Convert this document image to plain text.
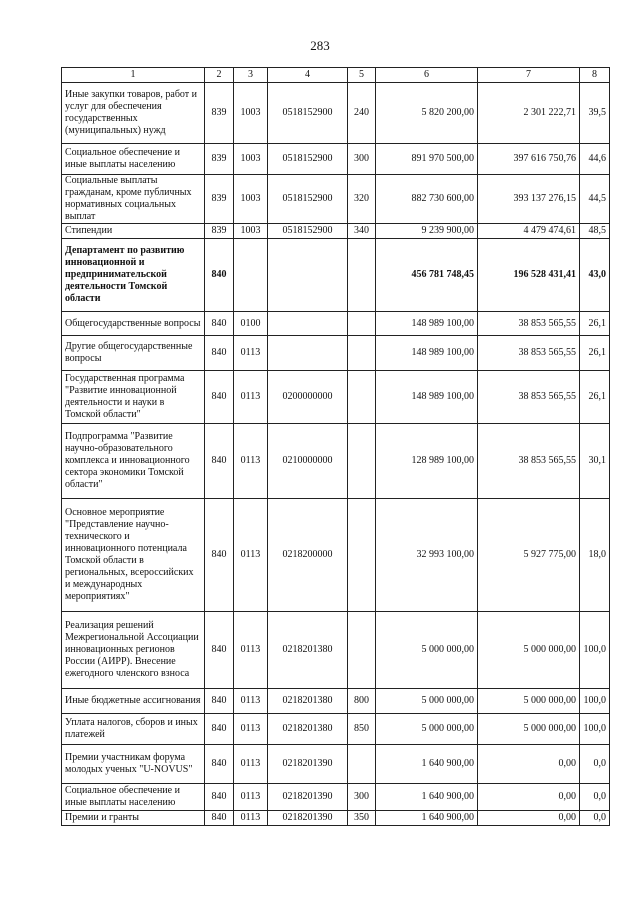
283
1	2	3	4	5	6	7	8
Иные закупки товаров, работ и услуг для обеспечения государственных (муниципальных) нужд	839	1003	0518152900	240	5 820 200,00	2 301 222,71	39,5
Социальное обеспечение и иные выплаты населению	839	1003	0518152900	300	891 970 500,00	397 616 750,76	44,6
Социальные выплаты гражданам, кроме публичных нормативных социальных выплат	839	1003	0518152900	320	882 730 600,00	393 137 276,15	44,5
Стипендии	839	1003	0518152900	340	9 239 900,00	4 479 474,61	48,5
Департамент по развитию инновационной и предпринимательской деятельности Томской области	840				456 781 748,45	196 528 431,41	43,0
Общегосударственные вопросы	840	0100			148 989 100,00	38 853 565,55	26,1
Другие общегосударственные вопросы	840	0113			148 989 100,00	38 853 565,55	26,1
Государственная программа "Развитие инновационной деятельности и науки в Томской области"	840	0113	0200000000		148 989 100,00	38 853 565,55	26,1
Подпрограмма "Развитие научно-образовательного комплекса и инновационного сектора экономики Томской области"	840	0113	0210000000		128 989 100,00	38 853 565,55	30,1
Основное мероприятие "Представление научно-технического и инновационного потенциала Томской области в региональных, всероссийских и международных мероприятиях"	840	0113	0218200000		32 993 100,00	5 927 775,00	18,0
Реализация решений Межрегиональной Ассоциации инновационных регионов России (АИРР). Внесение ежегодного членского взноса	840	0113	0218201380		5 000 000,00	5 000 000,00	100,0
Иные бюджетные ассигнования	840	0113	0218201380	800	5 000 000,00	5 000 000,00	100,0
Уплата налогов, сборов и иных платежей	840	0113	0218201380	850	5 000 000,00	5 000 000,00	100,0
Премии участникам форума молодых ученых "U-NOVUS"	840	0113	0218201390		1 640 900,00	0,00	0,0
Социальное обеспечение и иные выплаты населению	840	0113	0218201390	300	1 640 900,00	0,00	0,0
Премии и гранты	840	0113	0218201390	350	1 640 900,00	0,00	0,0
